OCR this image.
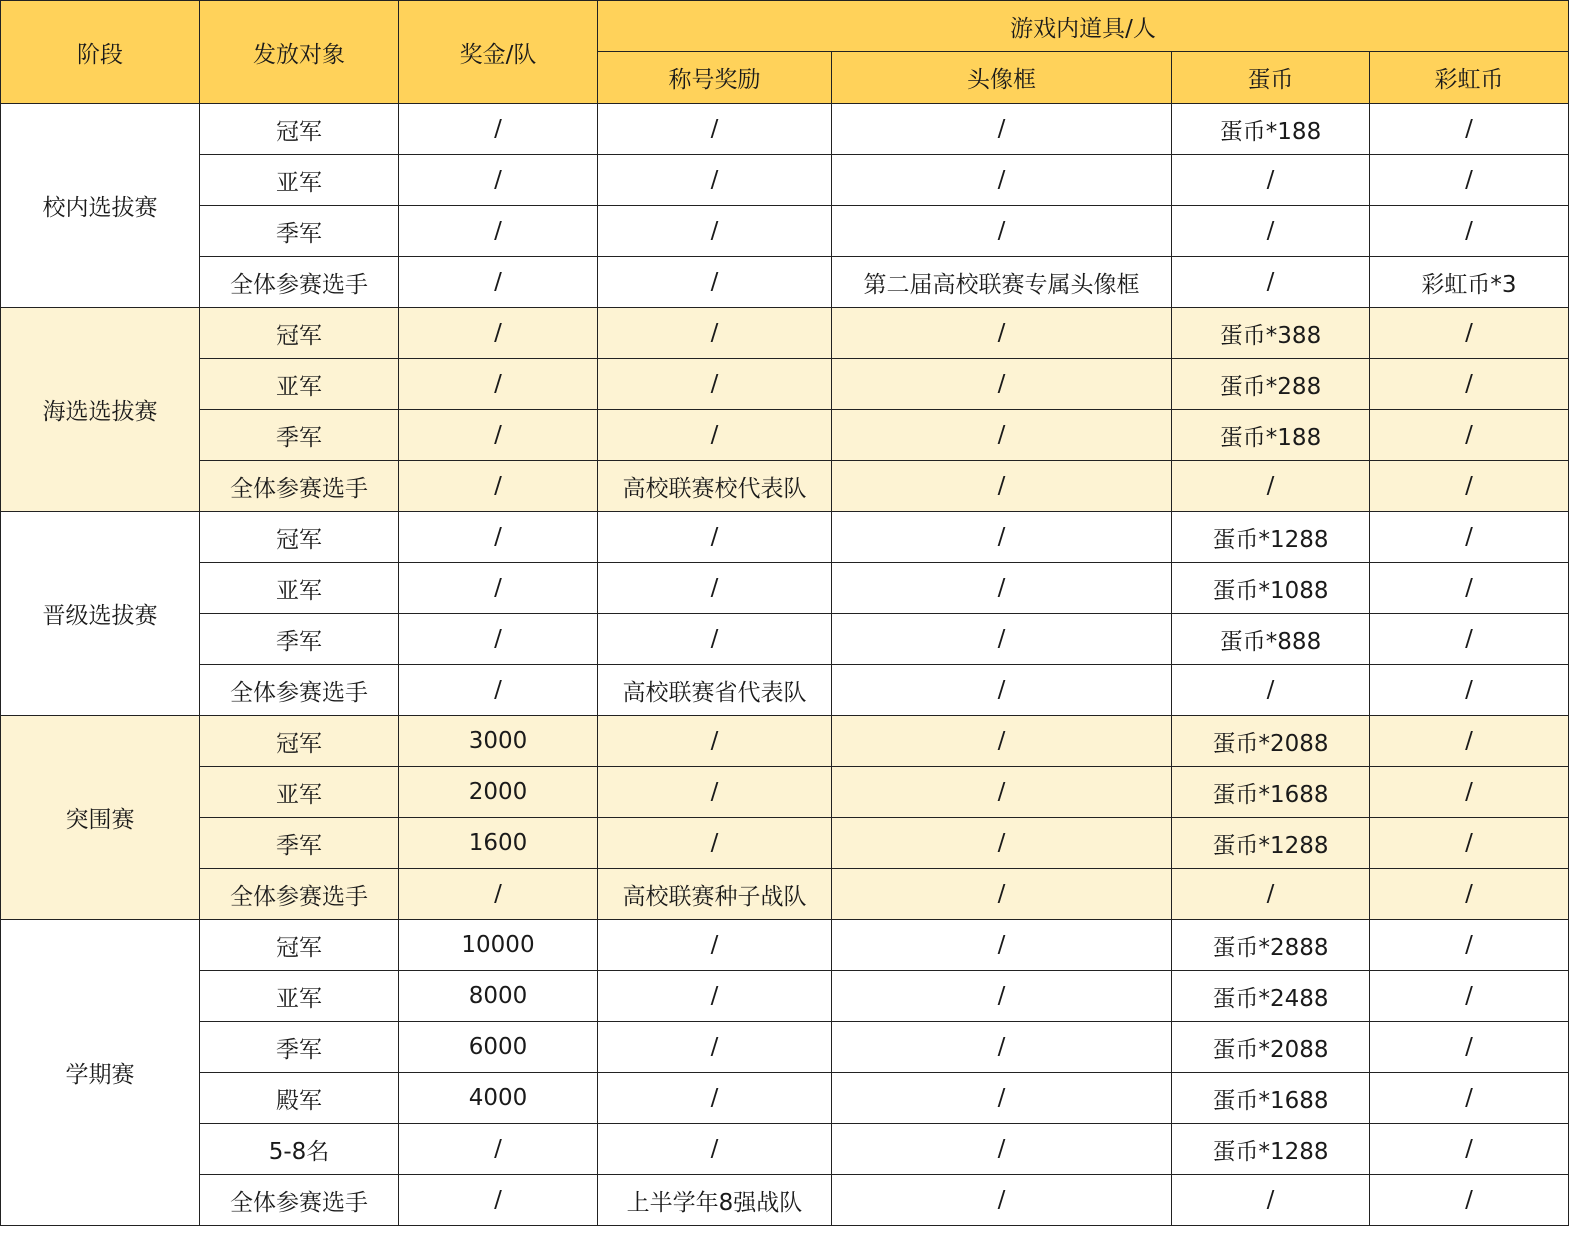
阶段	发放对象	奖金/队	游戏内道具/人			
			称号奖励	头像框	蛋币	彩虹币
校内选拔赛	冠军	/	/	/	蛋币*188	/
	亚军	/	/	/	/	/
	季军	/	/	/	/	/
	全体参赛选手	/	/	第二届高校联赛专属头像框	/	彩虹币*3
海选选拔赛	冠军	/	/	/	蛋币*388	/
	亚军	/	/	/	蛋币*288	/
	季军	/	/	/	蛋币*188	/
	全体参赛选手	/	高校联赛校代表队	/	/	/
晋级选拔赛	冠军	/	/	/	蛋币*1288	/
	亚军	/	/	/	蛋币*1088	/
	季军	/	/	/	蛋币*888	/
	全体参赛选手	/	高校联赛省代表队	/	/	/
突围赛	冠军	3000	/	/	蛋币*2088	/
	亚军	2000	/	/	蛋币*1688	/
	季军	1600	/	/	蛋币*1288	/
	全体参赛选手	/	高校联赛种子战队	/	/	/
学期赛	冠军	10000	/	/	蛋币*2888	/
	亚军	8000	/	/	蛋币*2488	/
	季军	6000	/	/	蛋币*2088	/
	殿军	4000	/	/	蛋币*1688	/
	5-8名	/	/	/	蛋币*1288	/
	全体参赛选手	/	上半学年8强战队	/	/	/
